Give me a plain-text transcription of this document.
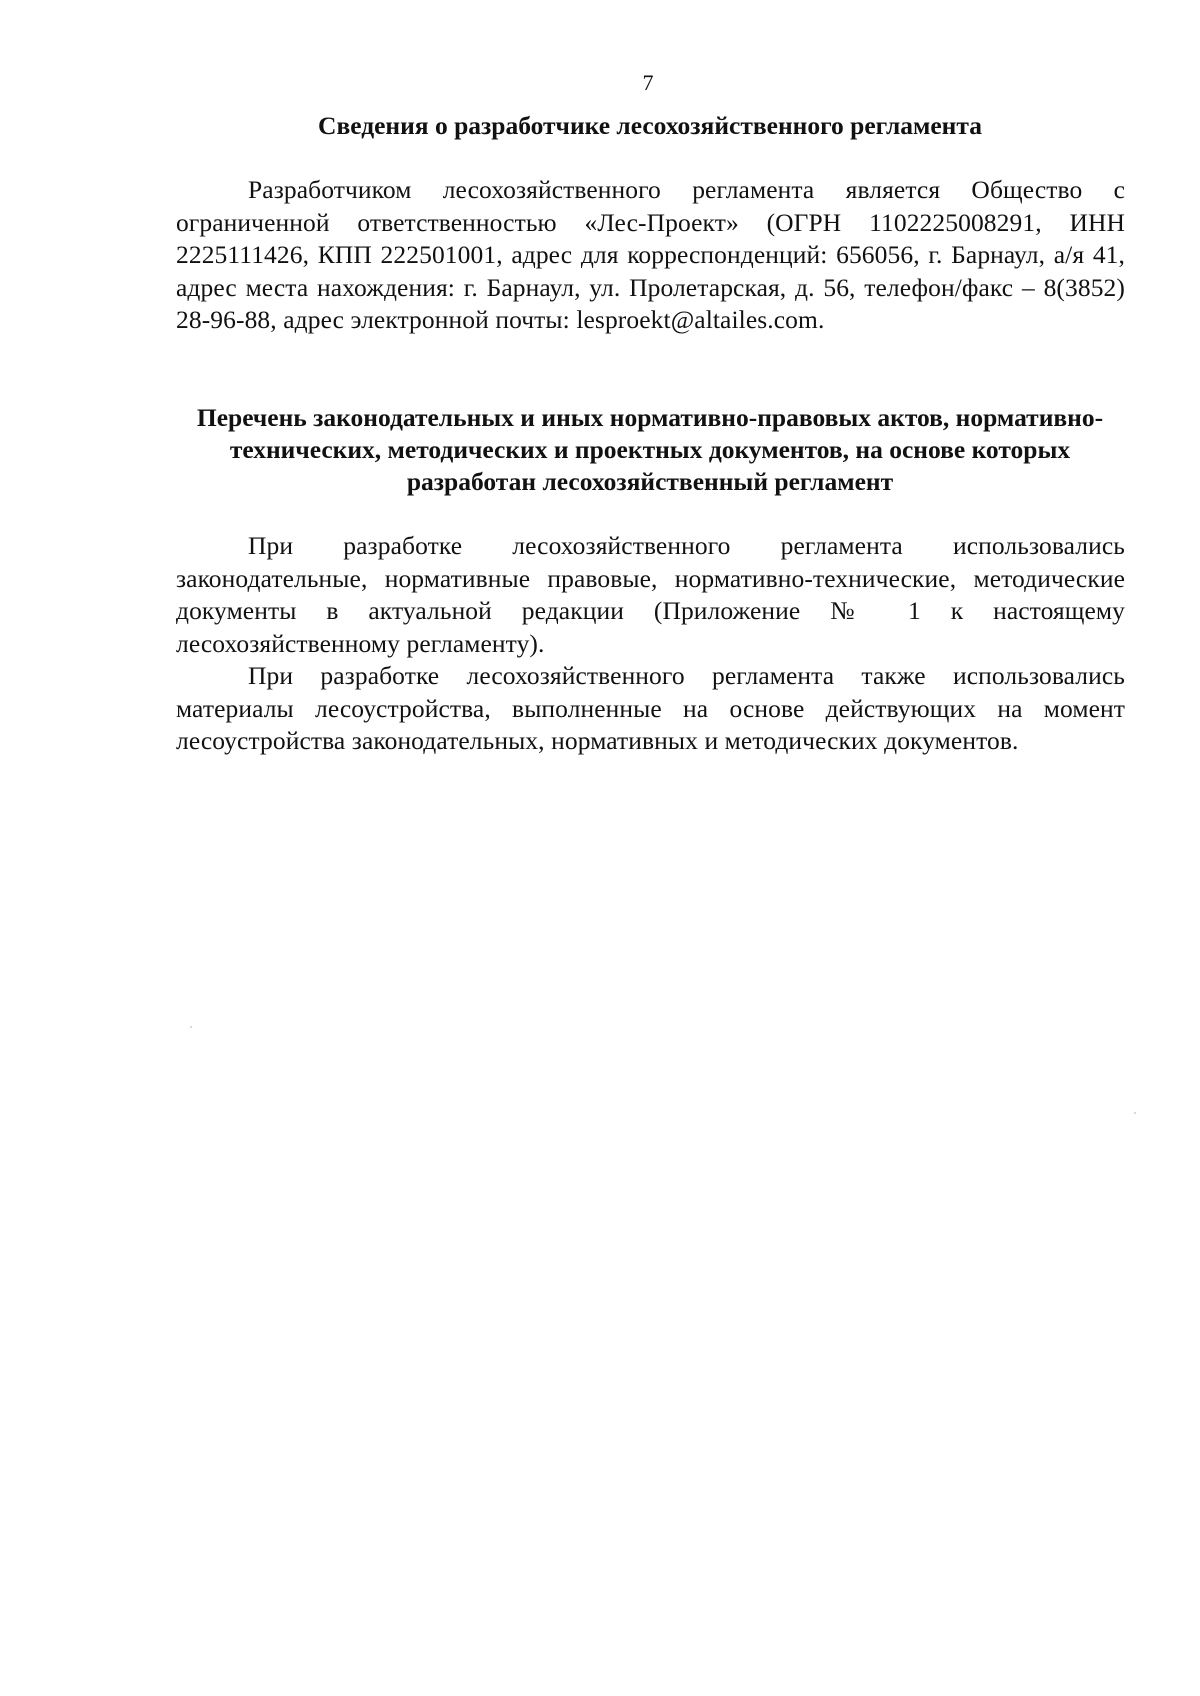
7
Сведения о разработчике лесохозяйственного регламента

Разработчиком лесохозяйственного регламента является Общество с ограниченной ответственностью «Лес-Проект» (ОГРН 1102225008291, ИНН 2225111426, КПП 222501001, адрес для корреспонденций: 656056, г. Барнаул, а/я 41, адрес места нахождения: г. Барнаул, ул. Пролетарская, д. 56, телефон/факс – 8(3852) 28-96-88, адрес электронной почты: lesproekt@altailes.com.

Перечень законодательных и иных нормативно-правовых актов, нормативно-технических, методических и проектных документов, на основе которых разработан лесохозяйственный регламент

При разработке лесохозяйственного регламента использовались законодательные, нормативные правовые, нормативно-технические, методические документы в актуальной редакции (Приложение № 1 к настоящему лесохозяйственному регламенту).

При разработке лесохозяйственного регламента также использовались материалы лесоустройства, выполненные на основе действующих на момент лесоустройства законодательных, нормативных и методических документов.
